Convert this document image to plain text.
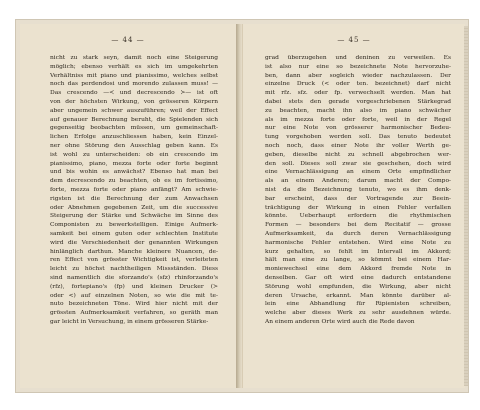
— 44 —
nicht zu stark seyn, damit noch eine Steigerung
möglich; ebenso verhält es sich im umgekehrten
Verhältniss mit piano und pianissimo, welches selbst
noch das perdendosi und morendo zulassen muss! —
Das crescendo —≺ und decrescendo ≻— ist oft
von der höchsten Wirkung, von grösseren Körpern
aber ungemein schwer auszuführen; weil der Effect
auf genauer Berechnung beruht, die Spielenden sich
gegenseitig beobachten müssen, um gemeinschaft-
lichen Erfolge anzuschliessen haben, kein Einzel-
ner ohne Störung den Ausschlag geben kann. Es
ist wohl zu unterscheiden: ob ein crescendo im
pianissimo, piano, mezza forte oder forte beginnt
und bis wohin es anwächst? Ebenso hat man bei
dem decrescendo zu beachten, ob es im fortissimo,
forte, mezza forte oder piano anfängt? Am schwie-
rigsten ist die Berechnung der zum Anwachsen
oder Abnehmen gegebenen Zeit, um die successive
Steigerung der Stärke und Schwäche im Sinne des
Componisten zu bewerkstelligen. Einige Aufmerk-
samkeit bei einem guten oder schlechten Institute
wird die Verschiedenheit der genannten Wirkungen
hinlänglich darthun. Manche kleinere Nuancen, de-
ren Effect von grösster Wichtigkeit ist, verleiteten
leicht zu höchst nachtheiligen Missständen. Diess
sind namentlich die sforzando's (sfz) rhinforzando's
(rfz), fortepiano's (fp) und kleinen Drucker (≻
oder <) auf einzelnen Noten, so wie die mit te-
nuto bezeichneten Töne. Wird hier nicht mit der
grössten Aufmerksamkeit verfahren, so geräth man
gar leicht in Versuchung, in einem grösseren Stärke-
— 45 —
grad überzugehen und deninen zu verweilen. Es
ist also nur eine so bezeichnete Note hervorzuhe-
ben, dann aber sogleich wieder nachzulassen. Der
einzelne Druck (< oder ten. bezeichnet) darf nicht
mit rfz. sfz. oder fp. verwechselt werden. Man hat
dabei stets den gerade vorgeschriebenen Stärkegrad
zu beachten, macht ihn also im piano schwächer
als im mezza forte oder forte, weil in der Regel
nur eine Note von grösserer harmonischer Bedeu-
tung vorgehoben werden soll. Das tenuto bedeutet
noch noch, dass einer Note ihr voller Werth ge-
geben, dieselbe nicht zu schnell abgebrochen wer-
den soll. Dieses soll zwar sie geschehen, doch wird
eine Vernachlässigung an einem Orte empfindlicher
als an einem Anderen; darum macht der Compo-
nist da die Bezeichnung tenuto, wo es ihm denk-
bar erscheint, dass der Vortragende zur Beein-
trächtigung der Wirkung in einen Fehler verfallen
könnte. Ueberhaupt erfordern die rhythmischen
Formen — besonders bei dem Recitatif — grosse
Aufmerksamkeit, da durch deren Vernachlässigung
harmonische Fehler entstehen. Wird eine Note zu
kurz gehalten, so fehlt im Intervall im Akkord;
hält man eine zu lange, so kömmt bei einem Har-
moniewechsel eine dem Akkord fremde Note in
denselben. Gar oft wird eine dadurch entstandene
Störung wohl empfunden, die Wirkung, aber nicht
deren Ursache, erkannt. Man könnte darüber al-
lein eine Abhandlung für Ripienisten schreiben,
welche aber dieses Werk zu sehr ausdehnen würde.
An einem anderen Orte wird auch die Rede davon
